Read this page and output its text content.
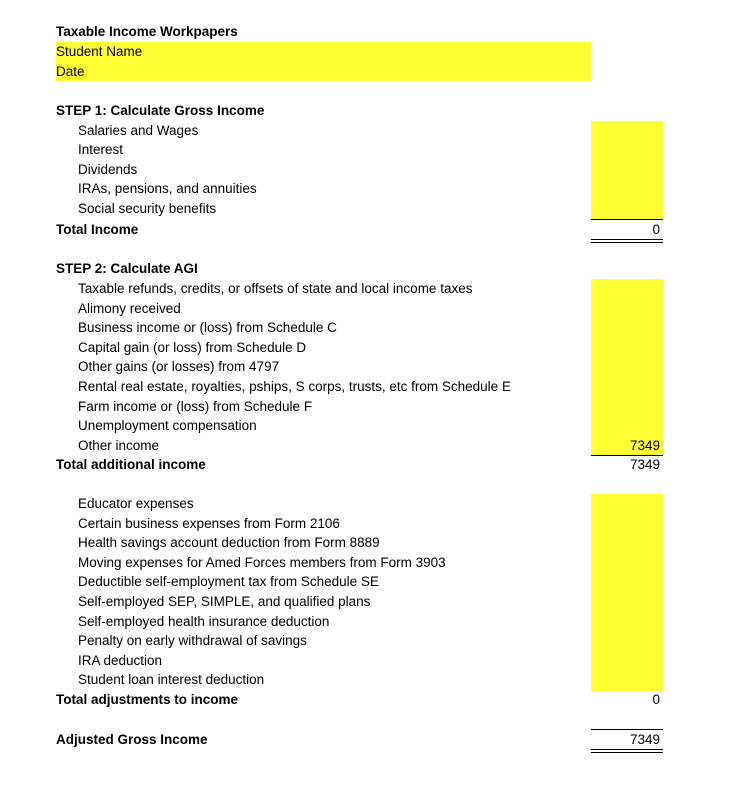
Taxable Income Workpapers
Student Name
Date
STEP 1: Calculate Gross Income
Salaries and Wages
Interest
Dividends
IRAs, pensions, and annuities
Social security benefits
Total Income	0
STEP 2: Calculate AGI
Taxable refunds, credits, or offsets of state and local income taxes
Alimony received
Business income or (loss) from Schedule C
Capital gain (or loss) from Schedule D
Other gains (or losses) from 4797
Rental real estate, royalties, pships, S corps, trusts, etc from Schedule E
Farm income or (loss) from Schedule F
Unemployment compensation
Other income	7349
Total additional income	7349
Educator expenses
Certain business expenses from Form 2106
Health savings account deduction from Form 8889
Moving expenses for Amed Forces members from Form 3903
Deductible self-employment tax from Schedule SE
Self-employed SEP, SIMPLE, and qualified plans
Self-employed health insurance deduction
Penalty on early withdrawal of savings
IRA deduction
Student loan interest deduction
Total adjustments to income	0
Adjusted Gross Income	7349
